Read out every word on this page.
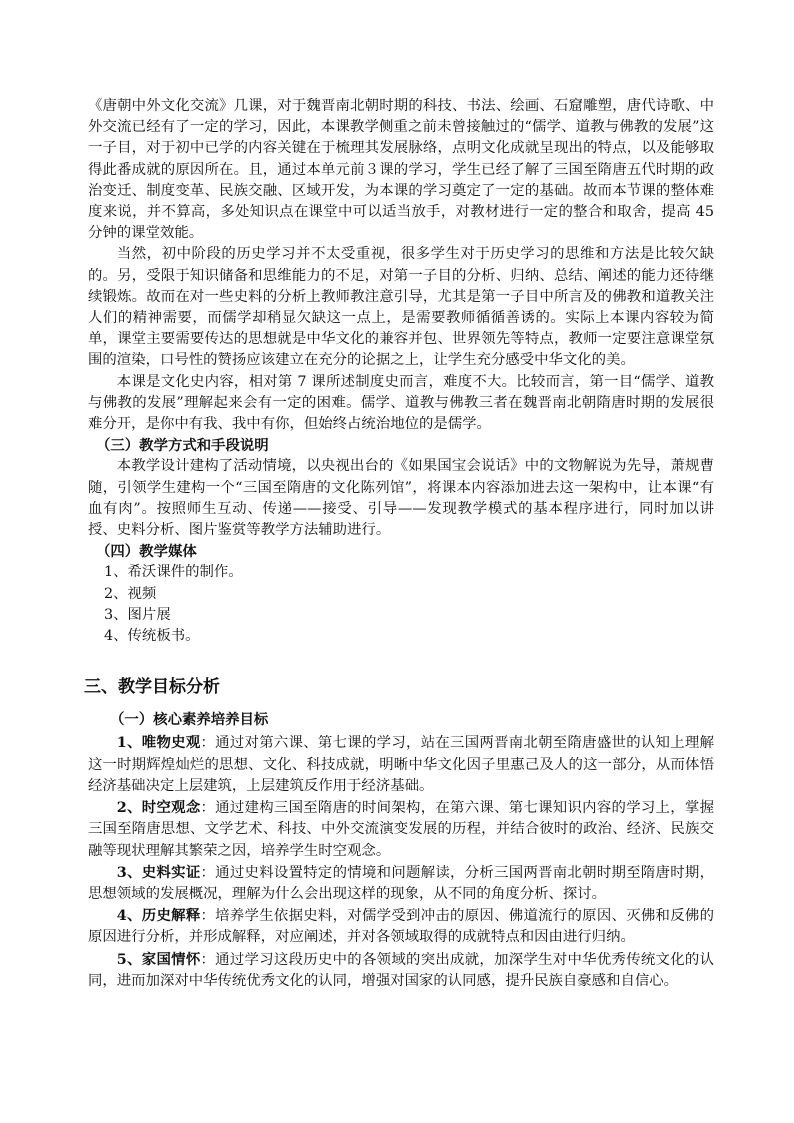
《唐朝中外文化交流》几课，对于魏晋南北朝时期的科技、书法、绘画、石窟雕塑，唐代诗歌、中外交流已经有了一定的学习，因此，本课教学侧重之前未曾接触过的“儒学、道教与佛教的发展”这一子目，对于初中已学的内容关键在于梳理其发展脉络，点明文化成就呈现出的特点，以及能够取得此番成就的原因所在。且，通过本单元前３课的学习，学生已经了解了三国至隋唐五代时期的政治变迁、制度变革、民族交融、区域开发，为本课的学习奠定了一定的基础。故而本节课的整体难度来说，并不算高，多处知识点在课堂中可以适当放手，对教材进行一定的整合和取舍，提高 45 分钟的课堂效能。

当然，初中阶段的历史学习并不太受重视，很多学生对于历史学习的思维和方法是比较欠缺的。另，受限于知识储备和思维能力的不足，对第一子目的分析、归纳、总结、阐述的能力还待继续锻炼。故而在对一些史料的分析上教师教注意引导，尤其是第一子目中所言及的佛教和道教关注人们的精神需要，而儒学却稍显欠缺这一点上，是需要教师循循善诱的。实际上本课内容较为简单，课堂主要需要传达的思想就是中华文化的兼容并包、世界领先等特点，教师一定要注意课堂氛围的渲染，口号性的赞扬应该建立在充分的论据之上，让学生充分感受中华文化的美。

本课是文化史内容，相对第 7 课所述制度史而言，难度不大。比较而言，第一目“儒学、道教与佛教的发展”理解起来会有一定的困难。儒学、道教与佛教三者在魏晋南北朝隋唐时期的发展很难分开，是你中有我、我中有你，但始终占统治地位的是儒学。

（三）教学方式和手段说明

本教学设计建构了活动情境，以央视出台的《如果国宝会说话》中的文物解说为先导，萧规曹随，引领学生建构一个“三国至隋唐的文化陈列馆”，将课本内容添加进去这一架构中，让本课“有血有肉”。按照师生互动、传递——接受、引导——发现教学模式的基本程序进行，同时加以讲授、史料分析、图片鉴赏等教学方法辅助进行。

（四）教学媒体

1、希沃课件的制作。

2、视频

3、图片展

4、传统板书。

三、教学目标分析

（一）核心素养培养目标

1、唯物史观：通过对第六课、第七课的学习，站在三国两晋南北朝至隋唐盛世的认知上理解这一时期辉煌灿烂的思想、文化、科技成就，明晰中华文化因子里惠己及人的这一部分，从而体悟经济基础决定上层建筑，上层建筑反作用于经济基础。

2、时空观念：通过建构三国至隋唐的时间架构，在第六课、第七课知识内容的学习上，掌握三国至隋唐思想、文学艺术、科技、中外交流演变发展的历程，并结合彼时的政治、经济、民族交融等现状理解其繁荣之因，培养学生时空观念。

3、史料实证：通过史料设置特定的情境和问题解读，分析三国两晋南北朝时期至隋唐时期，思想领域的发展概况，理解为什么会出现这样的现象，从不同的角度分析、探讨。

4、历史解释：培养学生依据史料，对儒学受到冲击的原因、佛道流行的原因、灭佛和反佛的原因进行分析，并形成解释，对应阐述，并对各领域取得的成就特点和因由进行归纳。

5、家国情怀：通过学习这段历史中的各领域的突出成就，加深学生对中华优秀传统文化的认同，进而加深对中华传统优秀文化的认同，增强对国家的认同感，提升民族自豪感和自信心。
